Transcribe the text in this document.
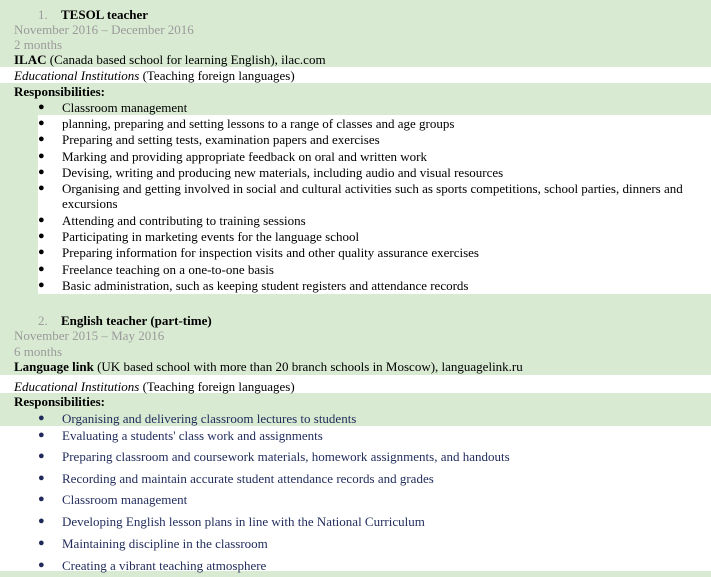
1. TESOL teacher
November 2016 – December 2016
2 months
ILAC (Canada based school for learning English), ilac.com
Educational Institutions (Teaching foreign languages)
Responsibilities:
● Classroom management
● planning, preparing and setting lessons to a range of classes and age groups
● Preparing and setting tests, examination papers and exercises
● Marking and providing appropriate feedback on oral and written work
● Devising, writing and producing new materials, including audio and visual resources
● Organising and getting involved in social and cultural activities such as sports competitions, school parties, dinners and excursions
● Attending and contributing to training sessions
● Participating in marketing events for the language school
● Preparing information for inspection visits and other quality assurance exercises
● Freelance teaching on a one-to-one basis
● Basic administration, such as keeping student registers and attendance records
2. English teacher (part-time)
November 2015 – May 2016
6 months
Language link (UK based school with more than 20 branch schools in Moscow), languagelink.ru
Educational Institutions (Teaching foreign languages)
Responsibilities:
● Organising and delivering classroom lectures to students
● Evaluating a students' class work and assignments
● Preparing classroom and coursework materials, homework assignments, and handouts
● Recording and maintain accurate student attendance records and grades
● Classroom management
● Developing English lesson plans in line with the National Curriculum
● Maintaining discipline in the classroom
● Creating a vibrant teaching atmosphere
